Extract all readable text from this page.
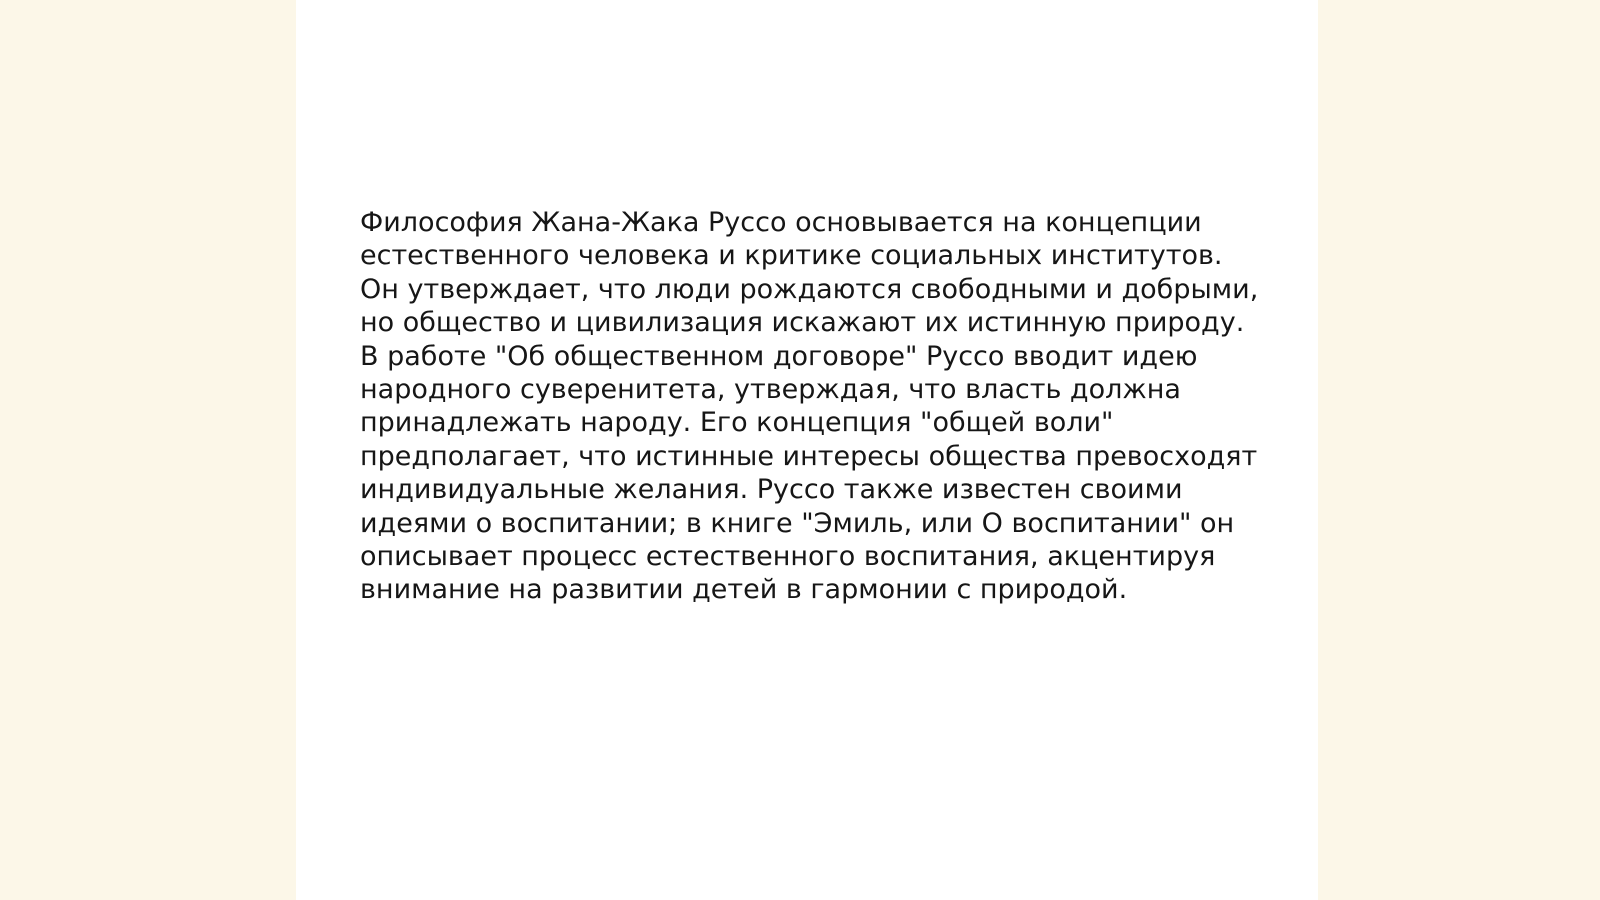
Философия Жана-Жака Руссо основывается на концепции естественного человека и критике социальных институтов. Он утверждает, что люди рождаются свободными и добрыми, но общество и цивилизация искажают их истинную природу. В работе "Об общественном договоре" Руссо вводит идею народного суверенитета, утверждая, что власть должна принадлежать народу. Его концепция "общей воли" предполагает, что истинные интересы общества превосходят индивидуальные желания. Руссо также известен своими идеями о воспитании; в книге "Эмиль, или О воспитании" он описывает процесс естественного воспитания, акцентируя внимание на развитии детей в гармонии с природой.
